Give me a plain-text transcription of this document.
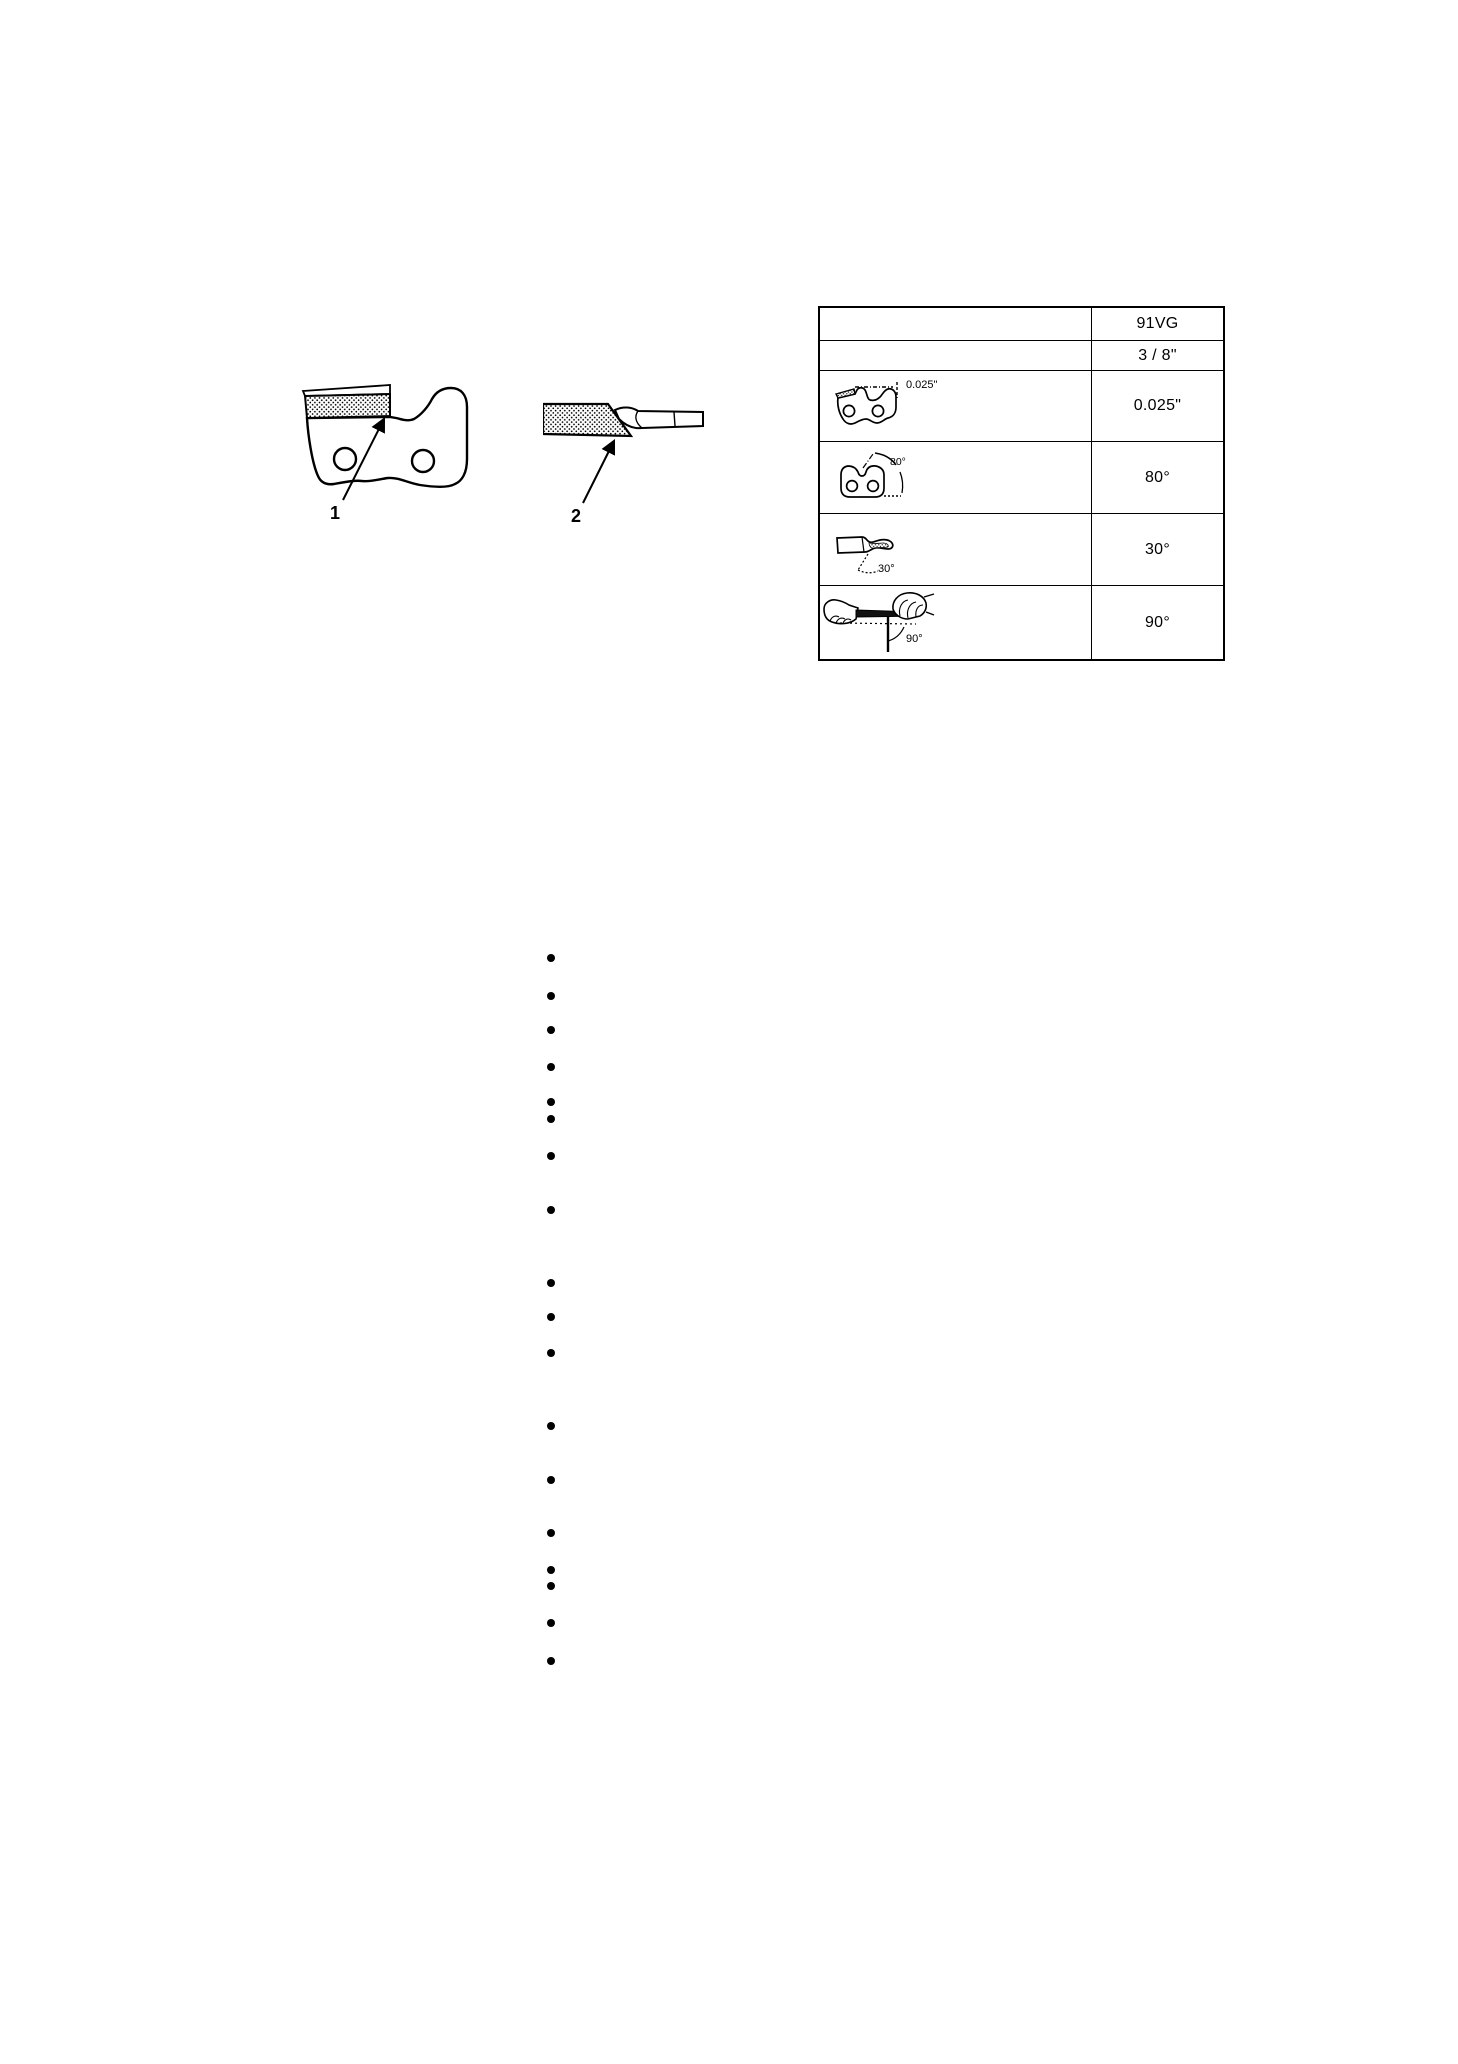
1	2
91VG
3 / 8"
0.025"
0.025"
80°
80°
30°
30°
90°
90°
